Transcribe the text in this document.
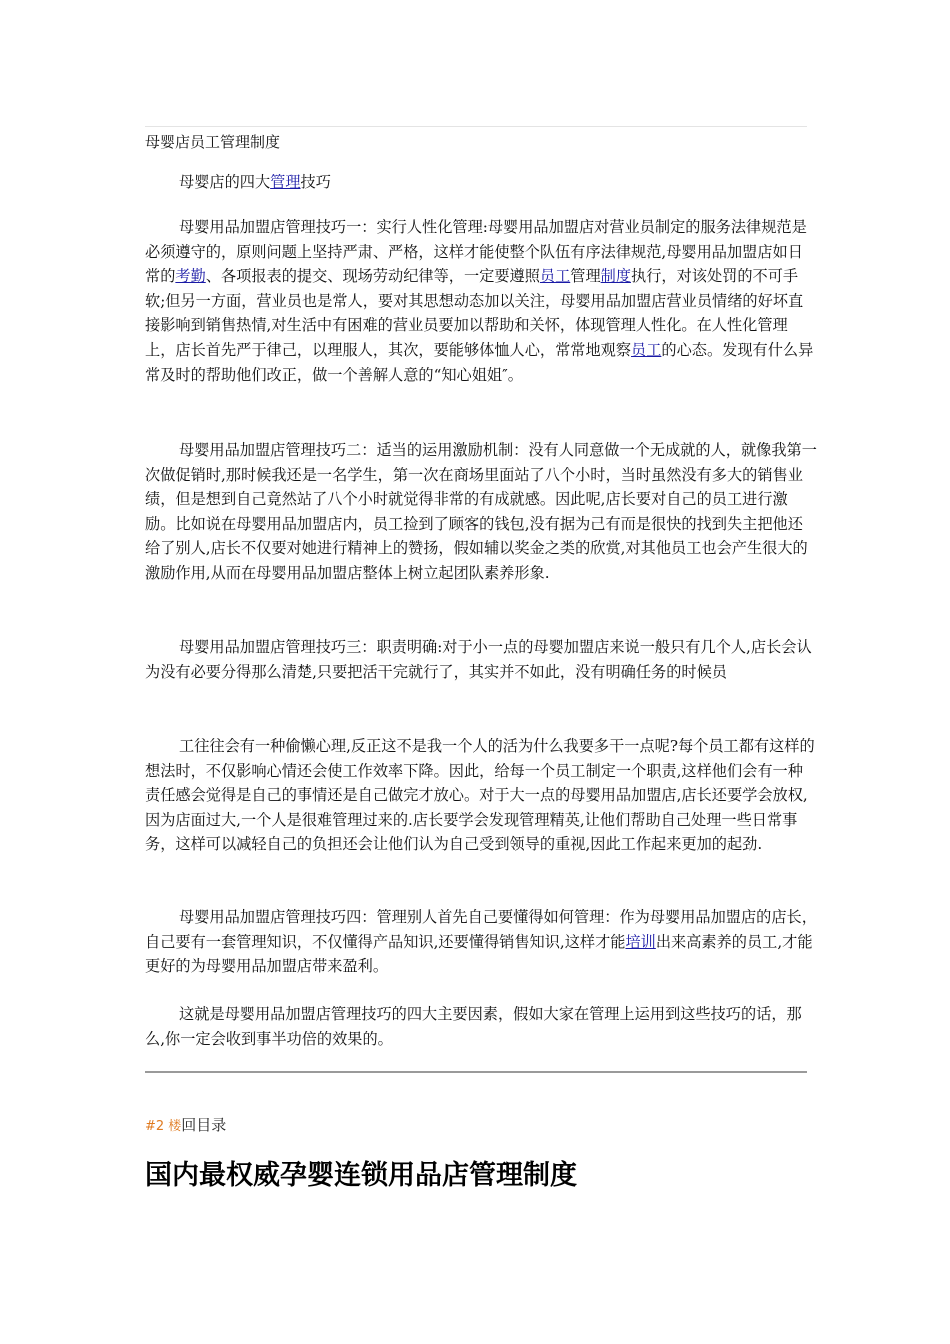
母婴店员工管理制度

母婴店的四大管理技巧

母婴用品加盟店管理技巧一：实行人性化管理:母婴用品加盟店对营业员制定的服务法律规范是必须遵守的，原则问题上坚持严肃、严格，这样才能使整个队伍有序法律规范,母婴用品加盟店如日常的考勤、各项报表的提交、现场劳动纪律等，一定要遵照员工管理制度执行，对该处罚的不可手软;但另一方面，营业员也是常人，要对其思想动态加以关注，母婴用品加盟店营业员情绪的好坏直接影响到销售热情,对生活中有困难的营业员要加以帮助和关怀，体现管理人性化。在人性化管理上，店长首先严于律己，以理服人，其次，要能够体恤人心，常常地观察员工的心态。发现有什么异常及时的帮助他们改正，做一个善解人意的“知心姐姐″。

母婴用品加盟店管理技巧二：适当的运用激励机制：没有人同意做一个无成就的人，就像我第一次做促销时,那时候我还是一名学生，第一次在商场里面站了八个小时，当时虽然没有多大的销售业绩，但是想到自己竟然站了八个小时就觉得非常的有成就感。因此呢,店长要对自己的员工进行激励。比如说在母婴用品加盟店内，员工捡到了顾客的钱包,没有据为己有而是很快的找到失主把他还给了别人,店长不仅要对她进行精神上的赞扬，假如辅以奖金之类的欣赏,对其他员工也会产生很大的激励作用,从而在母婴用品加盟店整体上树立起团队素养形象.

母婴用品加盟店管理技巧三：职责明确:对于小一点的母婴加盟店来说一般只有几个人,店长会认为没有必要分得那么清楚,只要把活干完就行了，其实并不如此，没有明确任务的时候员

工往往会有一种偷懒心理,反正这不是我一个人的活为什么我要多干一点呢?每个员工都有这样的想法时，不仅影响心情还会使工作效率下降。因此，给每一个员工制定一个职责,这样他们会有一种责任感会觉得是自己的事情还是自己做完才放心。对于大一点的母婴用品加盟店,店长还要学会放权,因为店面过大,一个人是很难管理过来的.店长要学会发现管理精英,让他们帮助自己处理一些日常事务，这样可以减轻自己的负担还会让他们认为自己受到领导的重视,因此工作起来更加的起劲.

母婴用品加盟店管理技巧四：管理别人首先自己要懂得如何管理：作为母婴用品加盟店的店长，自己要有一套管理知识，不仅懂得产品知识,还要懂得销售知识,这样才能培训出来高素养的员工,才能更好的为母婴用品加盟店带来盈利。

这就是母婴用品加盟店管理技巧的四大主要因素，假如大家在管理上运用到这些技巧的话，那么,你一定会收到事半功倍的效果的。

#2 楼回目录
国内最权威孕婴连锁用品店管理制度
